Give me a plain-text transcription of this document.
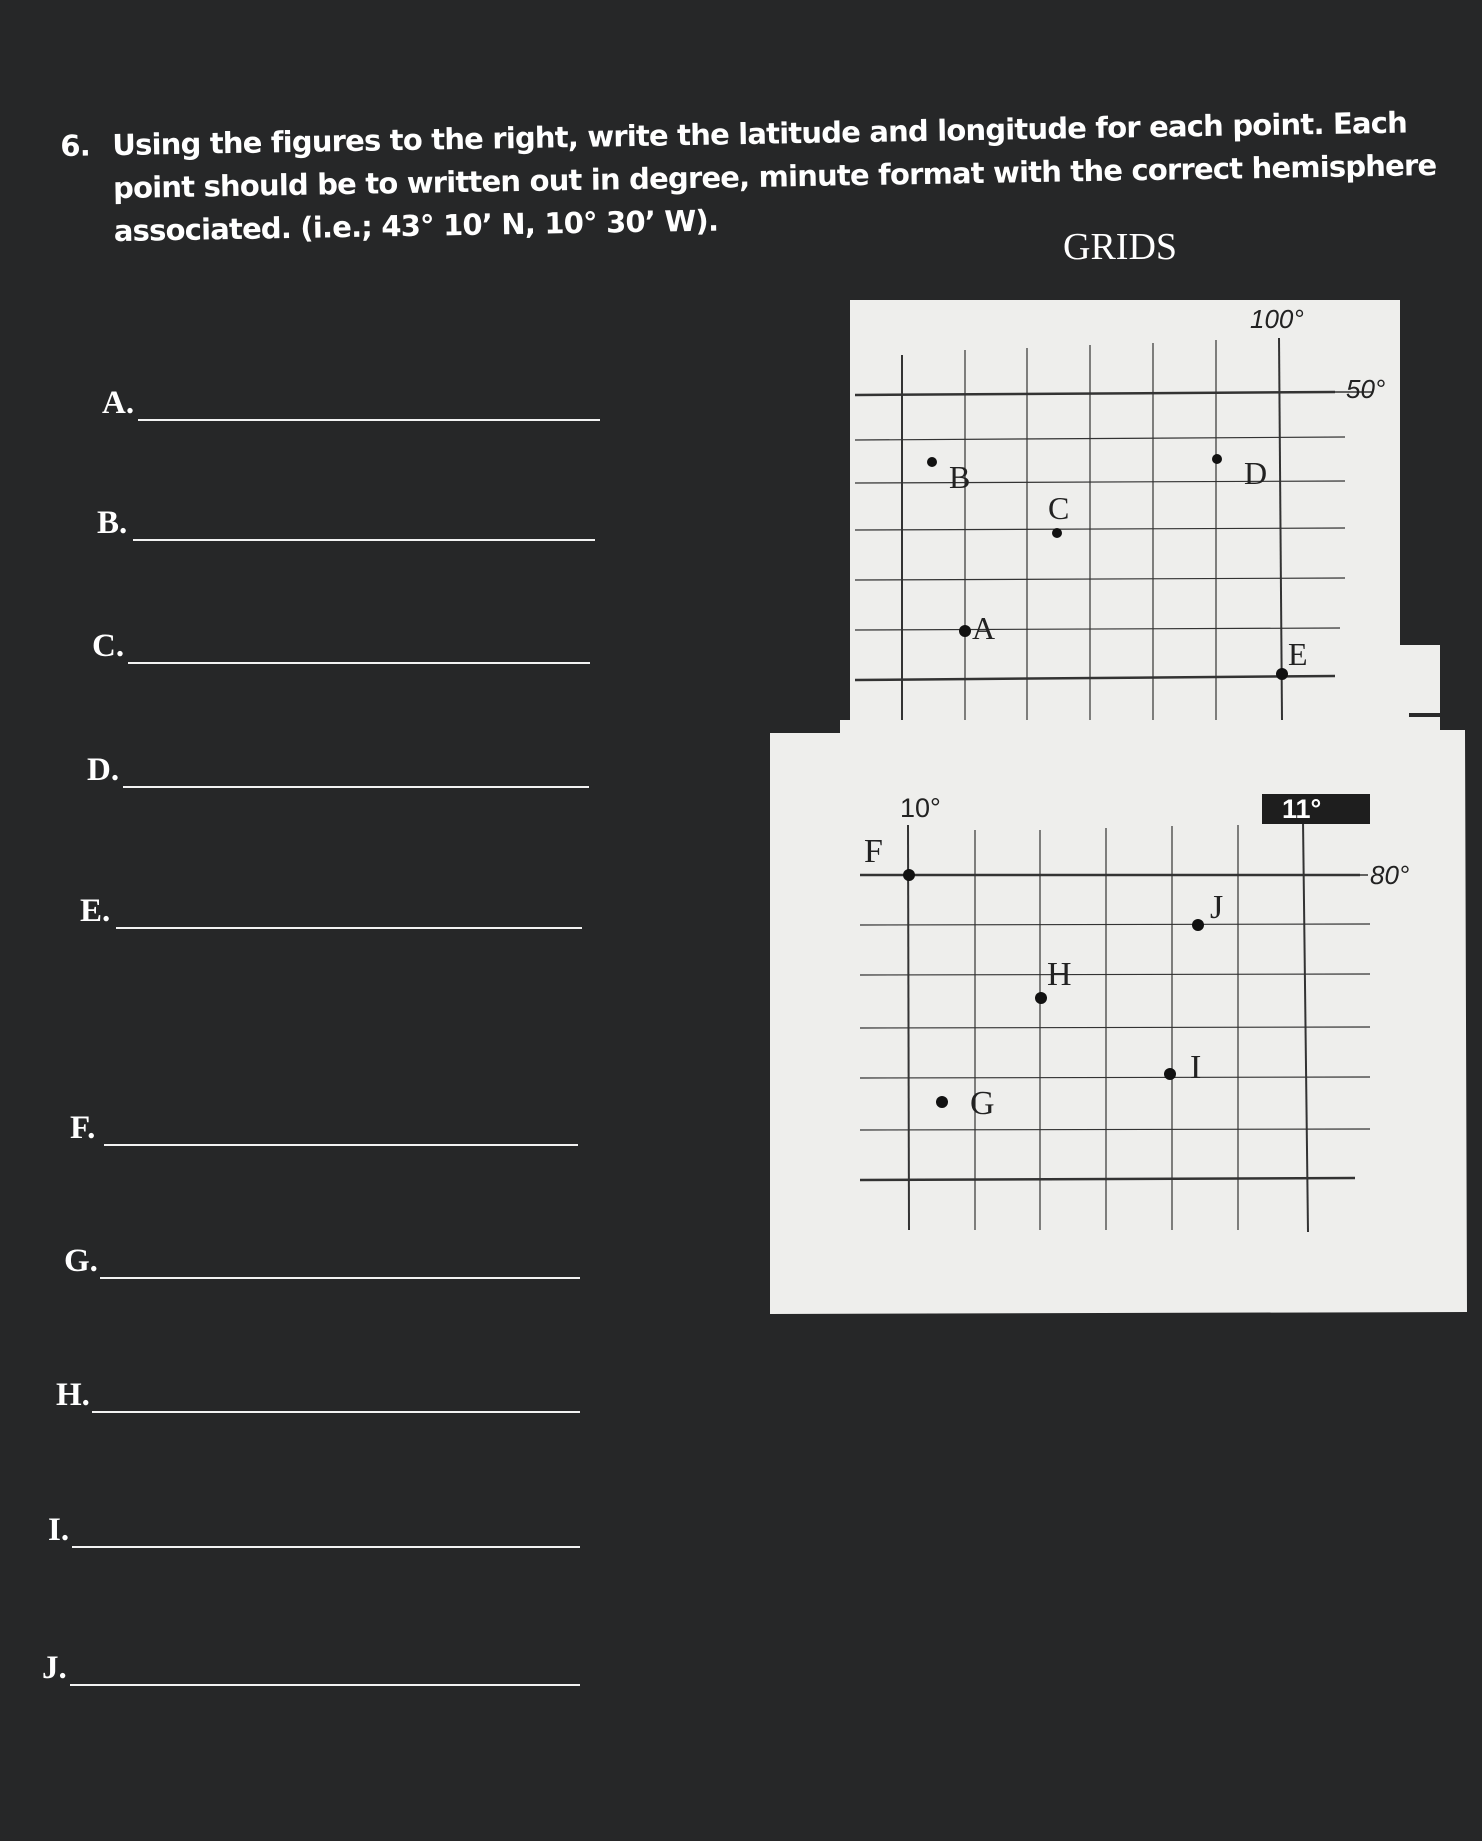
6. Using the figures to the right, write the latitude and longitude for each point. Each point should be to written out in degree, minute format with the correct hemisphere associated. (i.e.; 43° 10’ N, 10° 30’ W).	GRIDS
A.
B.
C.
D.
E.
F.
G.
H.
I.
J.
100°
50°
B
C
D
A
E
10°	11°
80°
F
G
H
I
J
